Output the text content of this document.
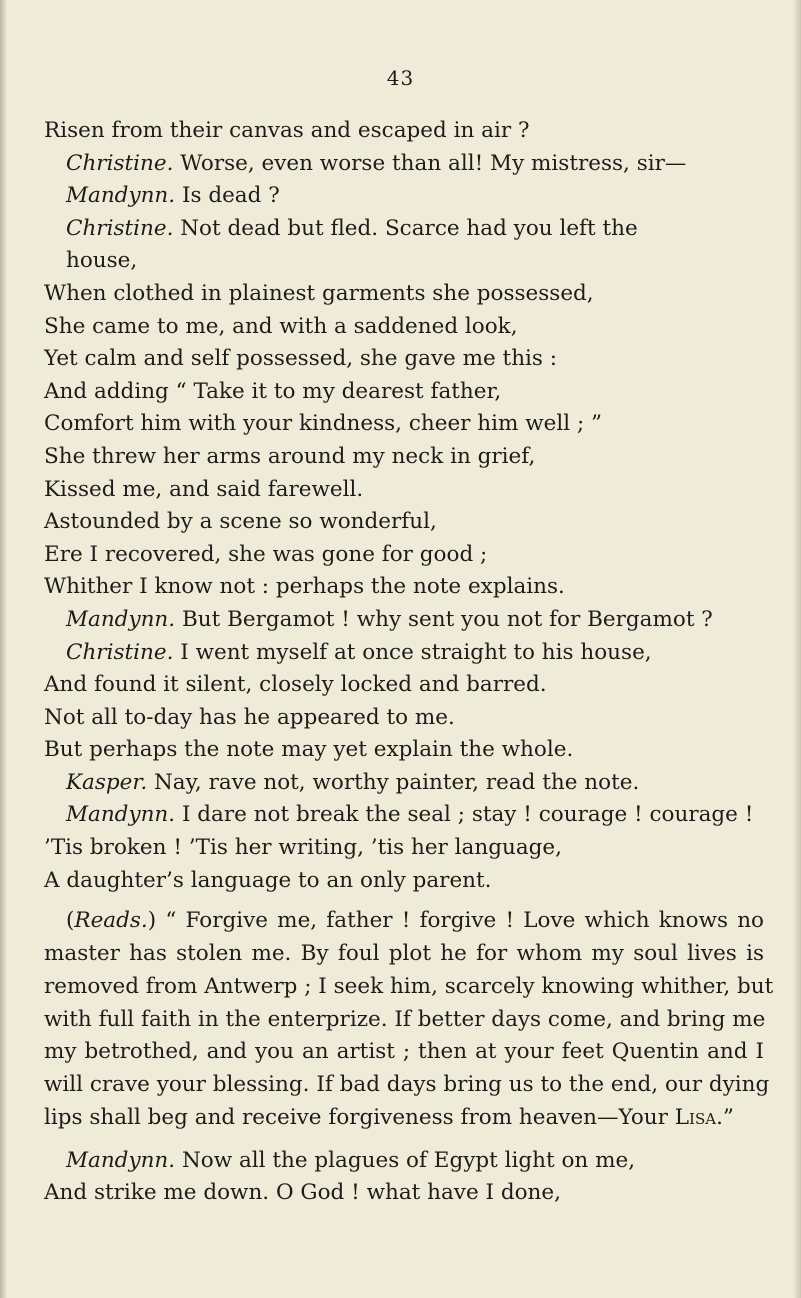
43
Risen from their canvas and escaped in air ?
Christine. Worse, even worse than all! My mistress, sir—
Mandynn. Is dead ?
Christine. Not dead but fled. Scarce had you left the
house,
When clothed in plainest garments she possessed,
She came to me, and with a saddened look,
Yet calm and self possessed, she gave me this :
And adding “ Take it to my dearest father,
Comfort him with your kindness, cheer him well ; ”
She threw her arms around my neck in grief,
Kissed me, and said farewell.
Astounded by a scene so wonderful,
Ere I recovered, she was gone for good ;
Whither I know not : perhaps the note explains.
Mandynn. But Bergamot ! why sent you not for Bergamot ?
Christine. I went myself at once straight to his house,
And found it silent, closely locked and barred.
Not all to-day has he appeared to me.
But perhaps the note may yet explain the whole.
Kasper. Nay, rave not, worthy painter, read the note.
Mandynn. I dare not break the seal ; stay ! courage ! courage !
’Tis broken ! ’Tis her writing, ’tis her language,
A daughter’s language to an only parent.
(Reads.) “ Forgive me, father ! forgive ! Love which knows no
master has stolen me. By foul plot he for whom my soul lives is
removed from Antwerp ; I seek him, scarcely knowing whither, but
with full faith in the enterprize. If better days come, and bring me
my betrothed, and you an artist ; then at your feet Quentin and I
will crave your blessing. If bad days bring us to the end, our dying
lips shall beg and receive forgiveness from heaven—Your Lisa.”
Mandynn. Now all the plagues of Egypt light on me,
And strike me down. O God ! what have I done,
